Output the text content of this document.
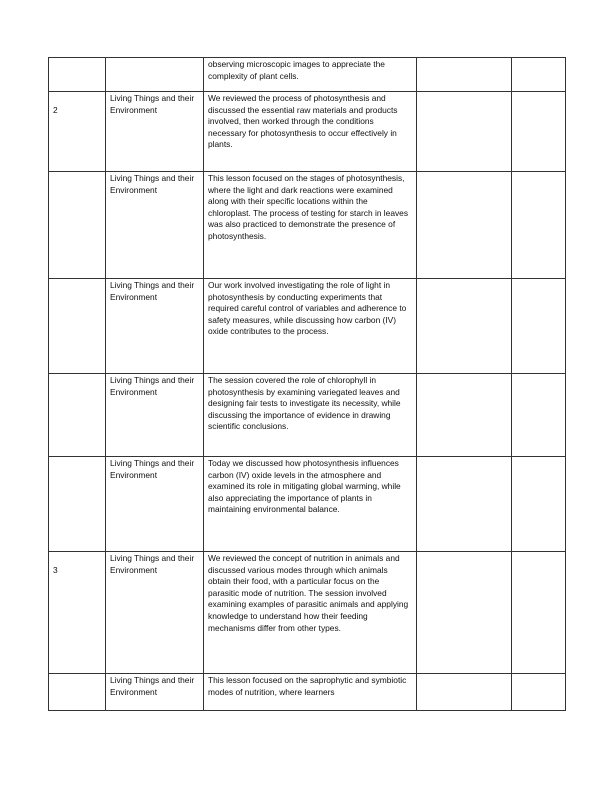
	observing microscopic images to appreciate the complexity of plant cells.		

2	Living Things and their Environment	We reviewed the process of photosynthesis and discussed the essential raw materials and products involved, then worked through the conditions necessary for photosynthesis to occur effectively in plants.		

	Living Things and their Environment	This lesson focused on the stages of photosynthesis, where the light and dark reactions were examined along with their specific locations within the chloroplast. The process of testing for starch in leaves was also practiced to demonstrate the presence of photosynthesis.		

	Living Things and their Environment	Our work involved investigating the role of light in photosynthesis by conducting experiments that required careful control of variables and adherence to safety measures, while discussing how carbon (IV) oxide contributes to the process.		

	Living Things and their Environment	The session covered the role of chlorophyll in photosynthesis by examining variegated leaves and designing fair tests to investigate its necessity, while discussing the importance of evidence in drawing scientific conclusions.		

	Living Things and their Environment	Today we discussed how photosynthesis influences carbon (IV) oxide levels in the atmosphere and examined its role in mitigating global warming, while also appreciating the importance of plants in maintaining environmental balance.		

3	Living Things and their Environment	We reviewed the concept of nutrition in animals and discussed various modes through which animals obtain their food, with a particular focus on the parasitic mode of nutrition. The session involved examining examples of parasitic animals and applying knowledge to understand how their feeding mechanisms differ from other types.		

	Living Things and their Environment	This lesson focused on the saprophytic and symbiotic modes of nutrition, where learners		
